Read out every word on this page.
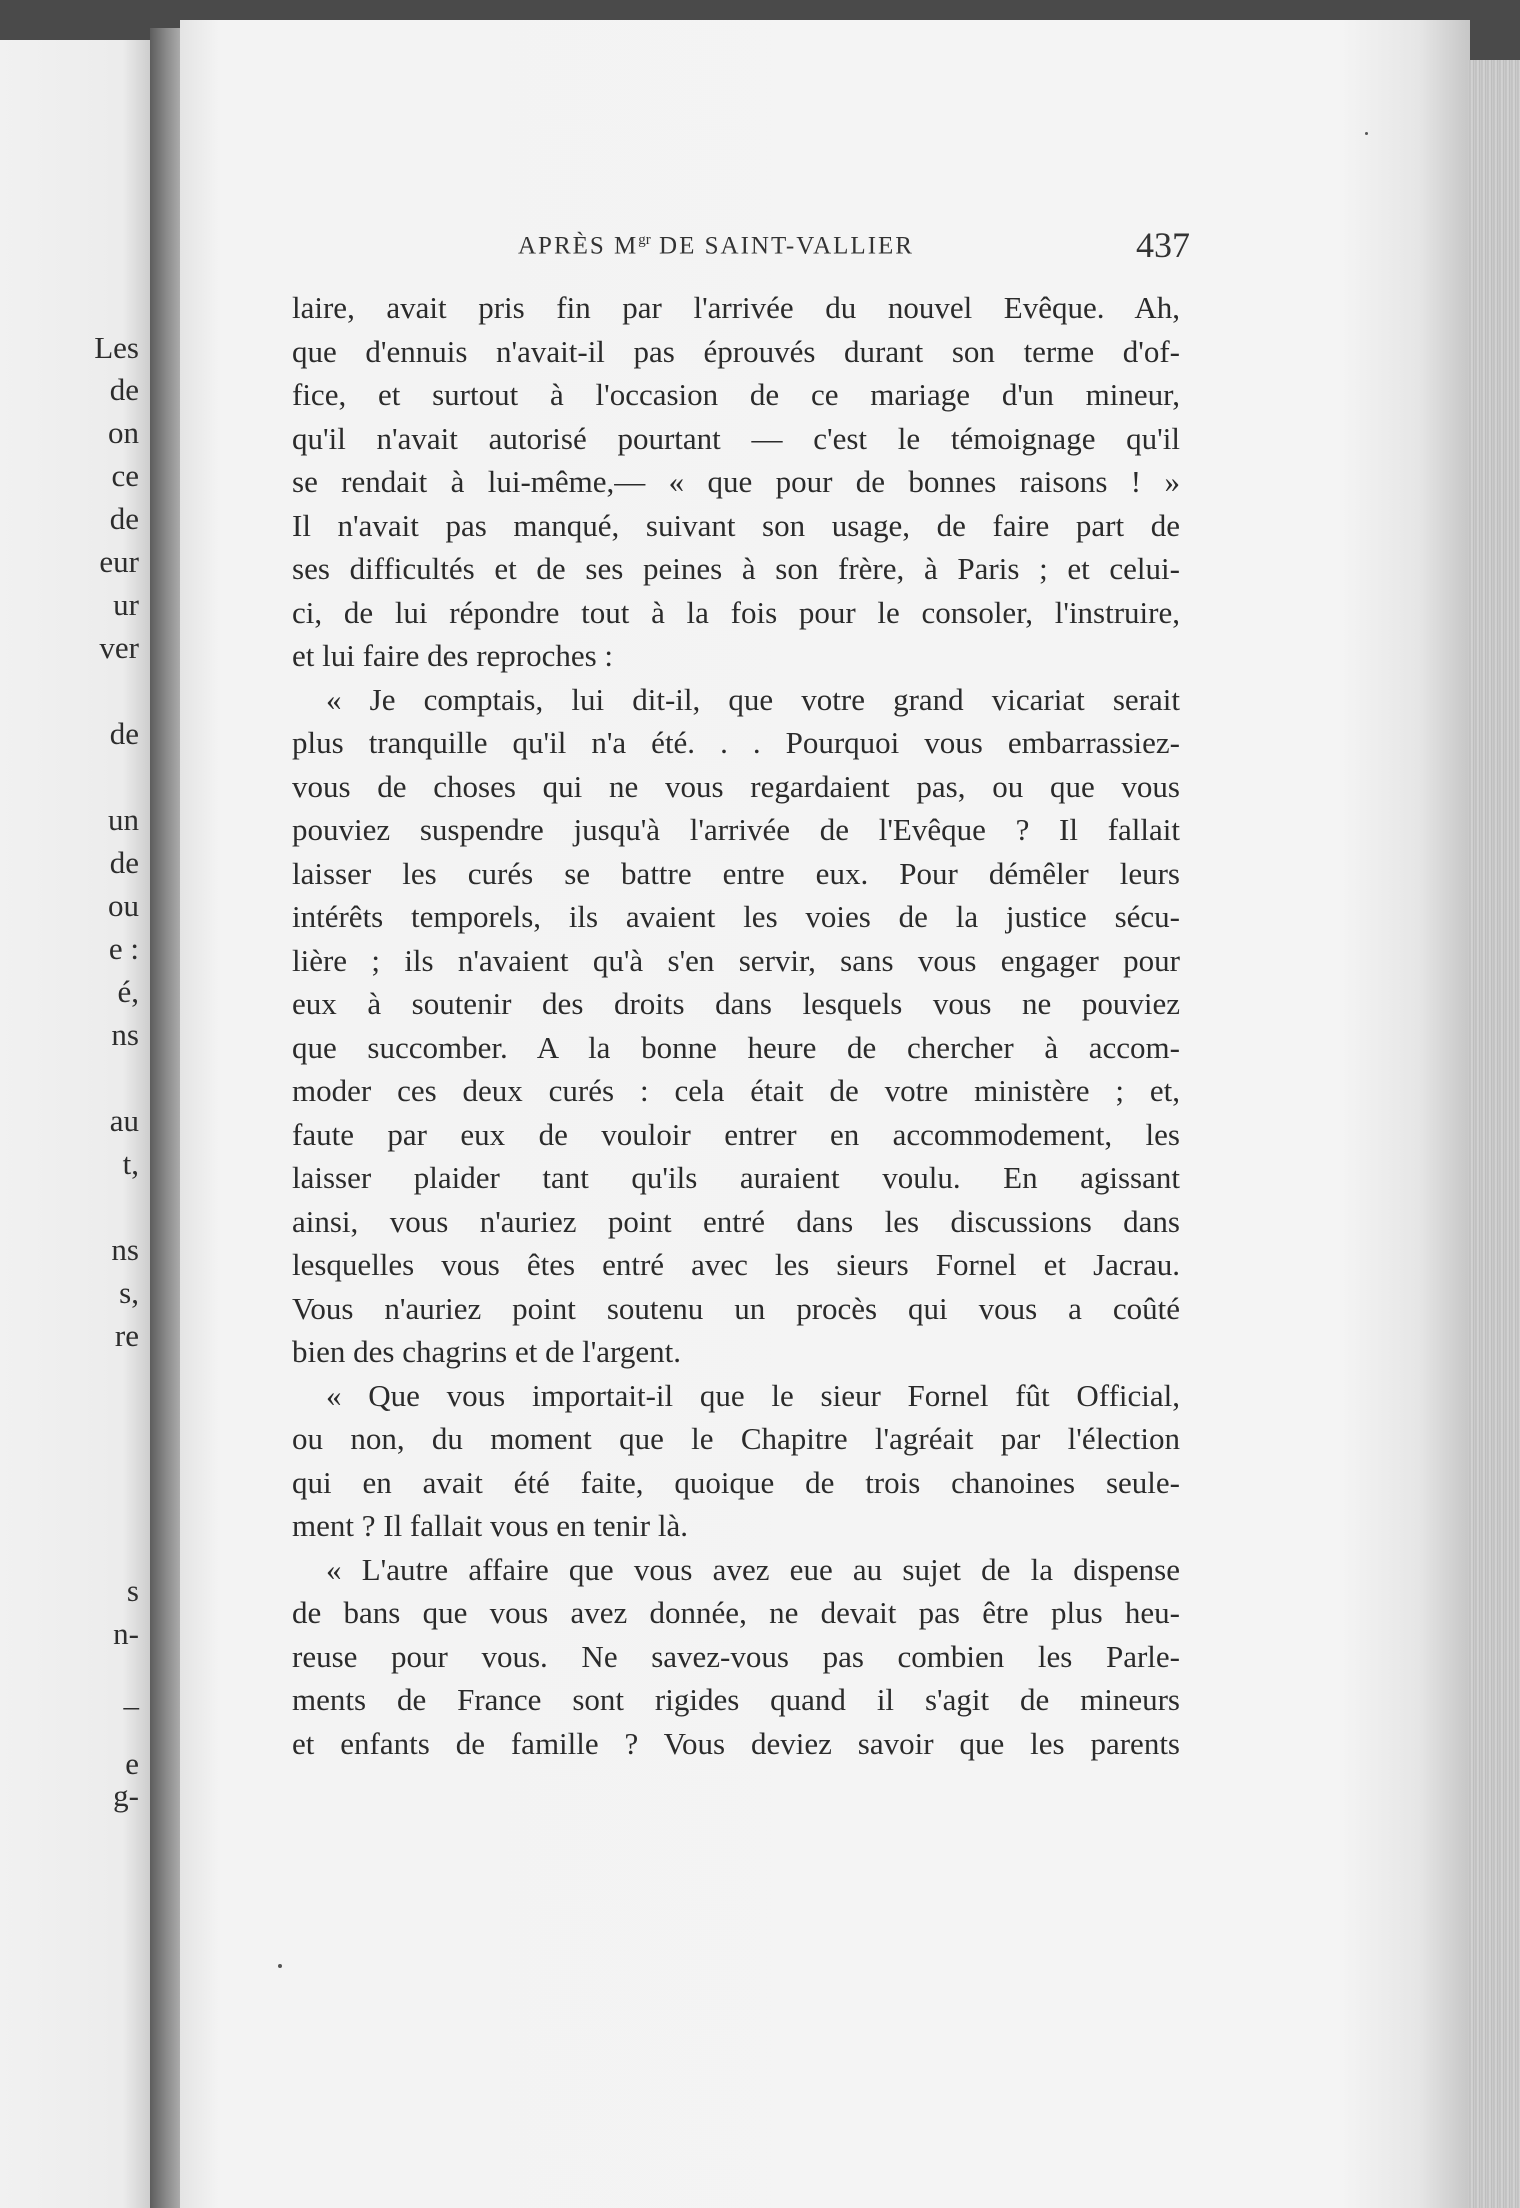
Les
de
on
ce
de
eur
ur
ver
de
un
de
ou
e :
é,
ns
au
t,
ns
s,
re
s
n-
–
e
g-
APRÈS $M^{gr}$ DE SAINT-VALLIER	437
laire, avait pris fin par l'arrivée du nouvel Evêque. Ah,
que d'ennuis n'avait-il pas éprouvés durant son terme d'of-
fice, et surtout à l'occasion de ce mariage d'un mineur,
qu'il n'avait autorisé pourtant — c'est le témoignage qu'il
se rendait à lui-même,— « que pour de bonnes raisons ! »
Il n'avait pas manqué, suivant son usage, de faire part de
ses difficultés et de ses peines à son frère, à Paris ; et celui-
ci, de lui répondre tout à la fois pour le consoler, l'instruire,
et lui faire des reproches :
« Je comptais, lui dit-il, que votre grand vicariat serait
plus tranquille qu'il n'a été. . . Pourquoi vous embarrassiez-
vous de choses qui ne vous regardaient pas, ou que vous
pouviez suspendre jusqu'à l'arrivée de l'Evêque ? Il fallait
laisser les curés se battre entre eux. Pour démêler leurs
intérêts temporels, ils avaient les voies de la justice sécu-
lière ; ils n'avaient qu'à s'en servir, sans vous engager pour
eux à soutenir des droits dans lesquels vous ne pouviez
que succomber. A la bonne heure de chercher à accom-
moder ces deux curés : cela était de votre ministère ; et,
faute par eux de vouloir entrer en accommodement, les
laisser plaider tant qu'ils auraient voulu. En agissant
ainsi, vous n'auriez point entré dans les discussions dans
lesquelles vous êtes entré avec les sieurs Fornel et Jacrau.
Vous n'auriez point soutenu un procès qui vous a coûté
bien des chagrins et de l'argent.
« Que vous importait-il que le sieur Fornel fût Official,
ou non, du moment que le Chapitre l'agréait par l'élection
qui en avait été faite, quoique de trois chanoines seule-
ment ? Il fallait vous en tenir là.
« L'autre affaire que vous avez eue au sujet de la dispense
de bans que vous avez donnée, ne devait pas être plus heu-
reuse pour vous. Ne savez-vous pas combien les Parle-
ments de France sont rigides quand il s'agit de mineurs
et enfants de famille ? Vous deviez savoir que les parents
